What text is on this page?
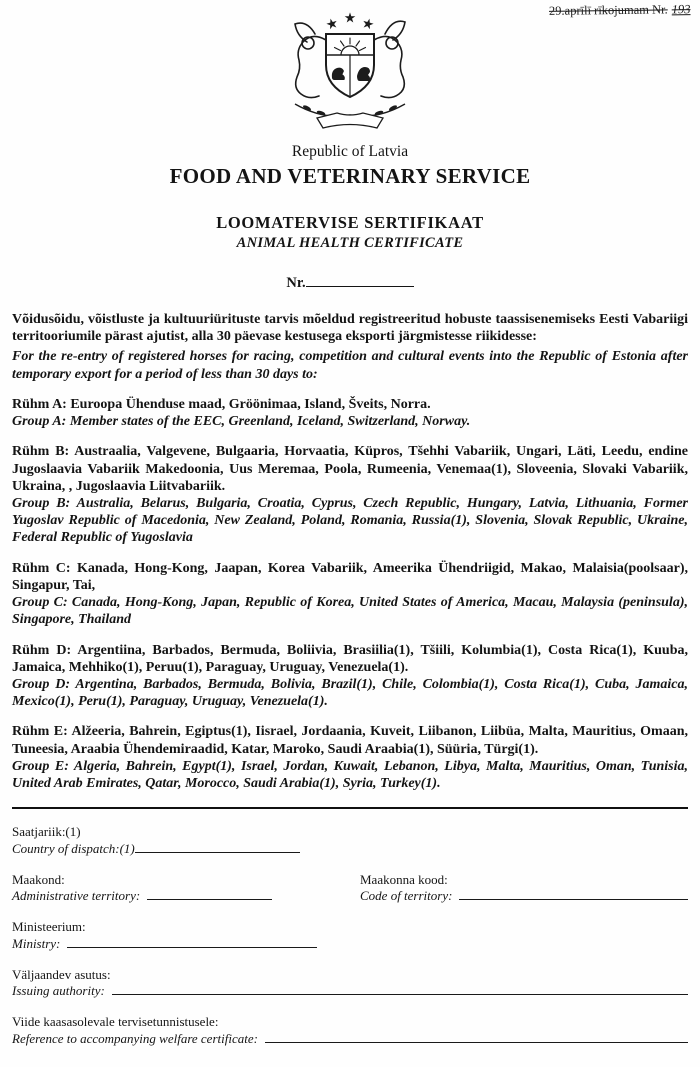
29.aprīlī rīkojumam Nr. 193
Republic of Latvia
FOOD AND VETERINARY SERVICE
LOOMATERVISE SERTIFIKAAT
ANIMAL HEALTH CERTIFICATE
Nr.

Võidusõidu, võistluste ja kultuuriürituste tarvis mõeldud registreeritud hobuste taassisenemiseks Eesti Vabariigi territooriumile pärast ajutist, alla 30 päevase kestusega eksporti järgmistesse riikidesse:

For the re-entry of registered horses for racing, competition and cultural events into the Republic of Estonia after temporary export for a period of less than 30 days to:

Rühm A: Euroopa Ühenduse maad, Gröönimaa, Island, Šveits, Norra.

Group A: Member states of the EEC, Greenland, Iceland, Switzerland, Norway.

Rühm B: Austraalia, Valgevene, Bulgaaria, Horvaatia, Küpros, Tšehhi Vabariik, Ungari, Läti, Leedu, endine Jugoslaavia Vabariik Makedoonia, Uus Meremaa, Poola, Rumeenia, Venemaa(1), Sloveenia, Slovaki Vabariik, Ukraina, , Jugoslaavia Liitvabariik.

Group B: Australia, Belarus, Bulgaria, Croatia, Cyprus, Czech Republic, Hungary, Latvia, Lithuania, Former Yugoslav Republic of Macedonia, New Zealand, Poland, Romania, Russia(1), Slovenia, Slovak Republic, Ukraine, Federal Republic of Yugoslavia

Rühm C: Kanada, Hong-Kong, Jaapan, Korea Vabariik, Ameerika Ühendriigid, Makao, Malaisia(poolsaar), Singapur, Tai,

Group C: Canada, Hong-Kong, Japan, Republic of Korea, United States of America, Macau, Malaysia (peninsula), Singapore, Thailand

Rühm D: Argentiina, Barbados, Bermuda, Boliivia, Brasiilia(1), Tšiili, Kolumbia(1), Costa Rica(1), Kuuba, Jamaica, Mehhiko(1), Peruu(1), Paraguay, Uruguay, Venezuela(1).

Group D: Argentina, Barbados, Bermuda, Bolivia, Brazil(1), Chile, Colombia(1), Costa Rica(1), Cuba, Jamaica, Mexico(1), Peru(1), Paraguay, Uruguay, Venezuela(1).

Rühm E: Alžeeria, Bahrein, Egiptus(1), Iisrael, Jordaania, Kuveit, Liibanon, Liibüa, Malta, Mauritius, Omaan, Tuneesia, Araabia Ühendemiraadid, Katar, Maroko, Saudi Araabia(1), Süüria, Türgi(1).

Group E: Algeria, Bahrein, Egypt(1), Israel, Jordan, Kuwait, Lebanon, Libya, Malta, Mauritius, Oman, Tunisia, United Arab Emirates, Qatar, Morocco, Saudi Arabia(1), Syria, Turkey(1).

Saatjariik:(1)
Country of dispatch:(1)
Maakond:
Administrative territory:
Maakonna kood:
Code of territory:
Ministeerium:
Ministry:
Väljaandev asutus:
Issuing authority:
Viide kaasasolevale tervisetunnistusele:
Reference to accompanying welfare certificate:
